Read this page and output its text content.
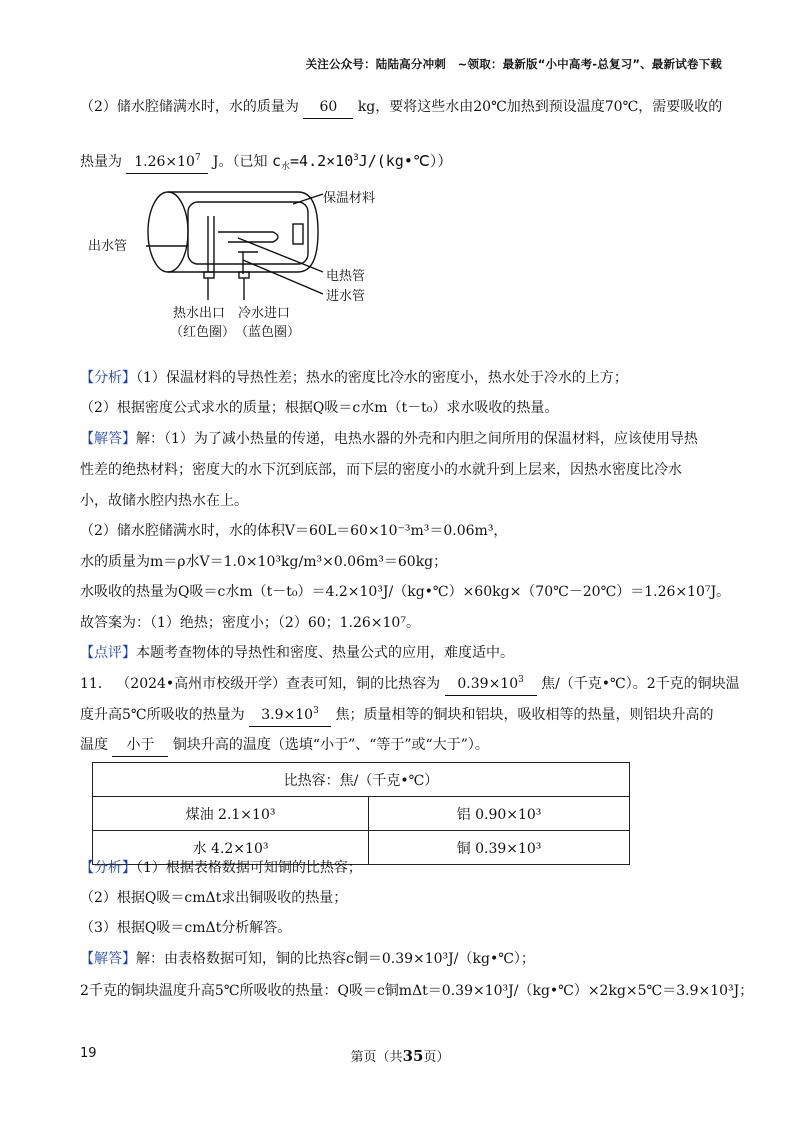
关注公众号：陆陆高分冲刺　~领取：最新版“小中高考-总复习”、最新试卷下载
（2）储水腔储满水时，水的质量为 60 kg，要将这些水由20℃加热到预设温度70℃，需要吸收的
热量为 $1.26\times 10^7$ J。（已知 $c_水=4.2\times 10^3J/(kg•℃)$）
保温材料
出水管
电热管
进水管
热水出口
（红色圈）
冷水进口
（蓝色圈）
【分析】（1）保温材料的导热性差；热水的密度比冷水的密度小，热水处于冷水的上方；
（2）根据密度公式求水的质量；根据Q吸＝c水m（t－t₀）求水吸收的热量。
【解答】解：（1）为了减小热量的传递，电热水器的外壳和内胆之间所用的保温材料，应该使用导热
性差的绝热材料；密度大的水下沉到底部，而下层的密度小的水就升到上层来，因热水密度比冷水
小，故储水腔内热水在上。
（2）储水腔储满水时，水的体积V＝60L＝60×10⁻³m³＝0.06m³，
水的质量为m＝ρ水V＝1.0×10³kg/m³×0.06m³＝60kg；
水吸收的热量为Q吸＝c水m（t－t₀）＝4.2×10³J/（kg•℃）×60kg×（70℃－20℃）＝1.26×10⁷J。
故答案为：（1）绝热；密度小；（2）60；1.26×10⁷。
【点评】本题考查物体的导热性和密度、热量公式的应用，难度适中。
11． （2024•高州市校级开学）查表可知，铜的比热容为 $0.39\times 10^3$ 焦/（千克•℃）。2千克的铜块温
度升高5℃所吸收的热量为 $3.9\times 10^3$ 焦；质量相等的铜块和铝块，吸收相等的热量，则铝块升高的
温度 小于 铜块升高的温度（选填“小于”、“等于”或“大于”）。
比热容：焦/（千克•℃）	
煤油 2.1×10³	铝 0.90×10³
水 4.2×10³	铜 0.39×10³
【分析】（1）根据表格数据可知铜的比热容；
（2）根据Q吸＝cmΔt求出铜吸收的热量；
（3）根据Q吸＝cmΔt分析解答。
【解答】解：由表格数据可知，铜的比热容c铜＝0.39×10³J/（kg•℃）；
2千克的铜块温度升高5℃所吸收的热量：Q吸＝c铜mΔt＝0.39×10³J/（kg•℃）×2kg×5℃＝3.9×10³J；
19	第页（共35页）
